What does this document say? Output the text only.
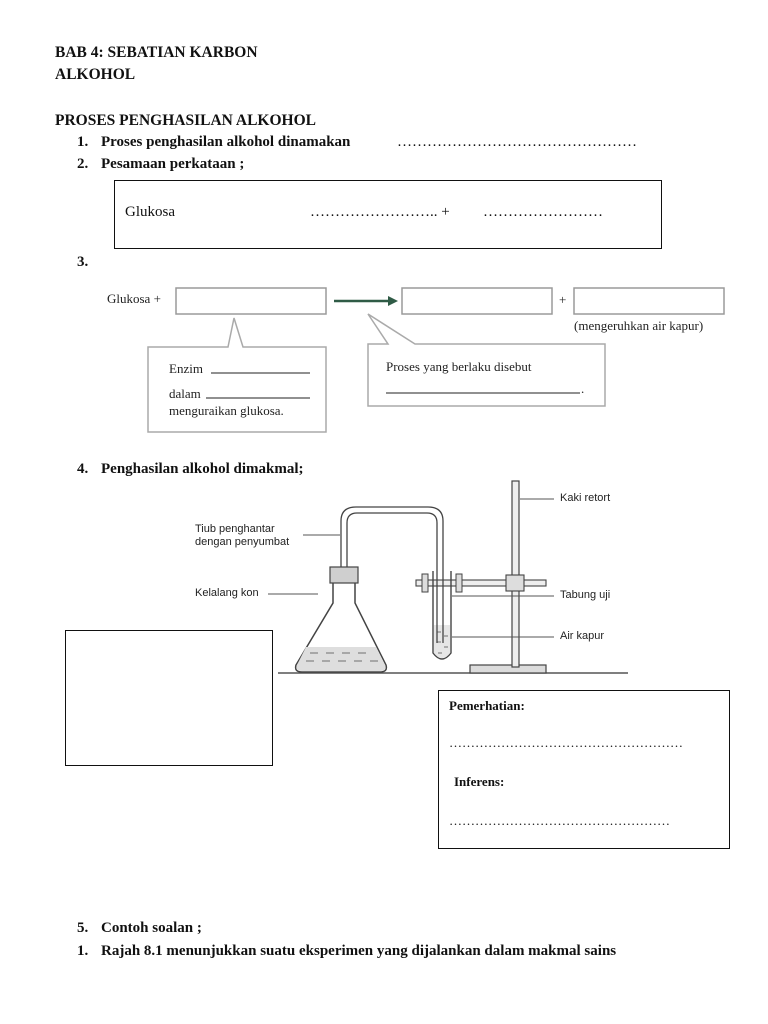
BAB 4: SEBATIAN KARBON
ALKOHOL
PROSES PENGHASILAN ALKOHOL
1. Proses penghasilan alkohol dinamakan	…………………………………………
2. Pesamaan perkataan ;
Glukosa	…………………….. + ……………………
3.
Glukosa +	+
(mengeruhkan air kapur)
Enzim
dalam
menguraikan glukosa.
Proses yang berlaku disebut
.
4. Penghasilan alkohol dimakmal;
Kaki retort
Tiub penghantar
dengan penyumbat
Kelalang kon	Tabung uji
Air kapur
Pemerhatian:
………………………………………………
Inferens:
……………………………………………
5. Contoh soalan ;
1. Rajah 8.1 menunjukkan suatu eksperimen yang dijalankan dalam makmal sains
